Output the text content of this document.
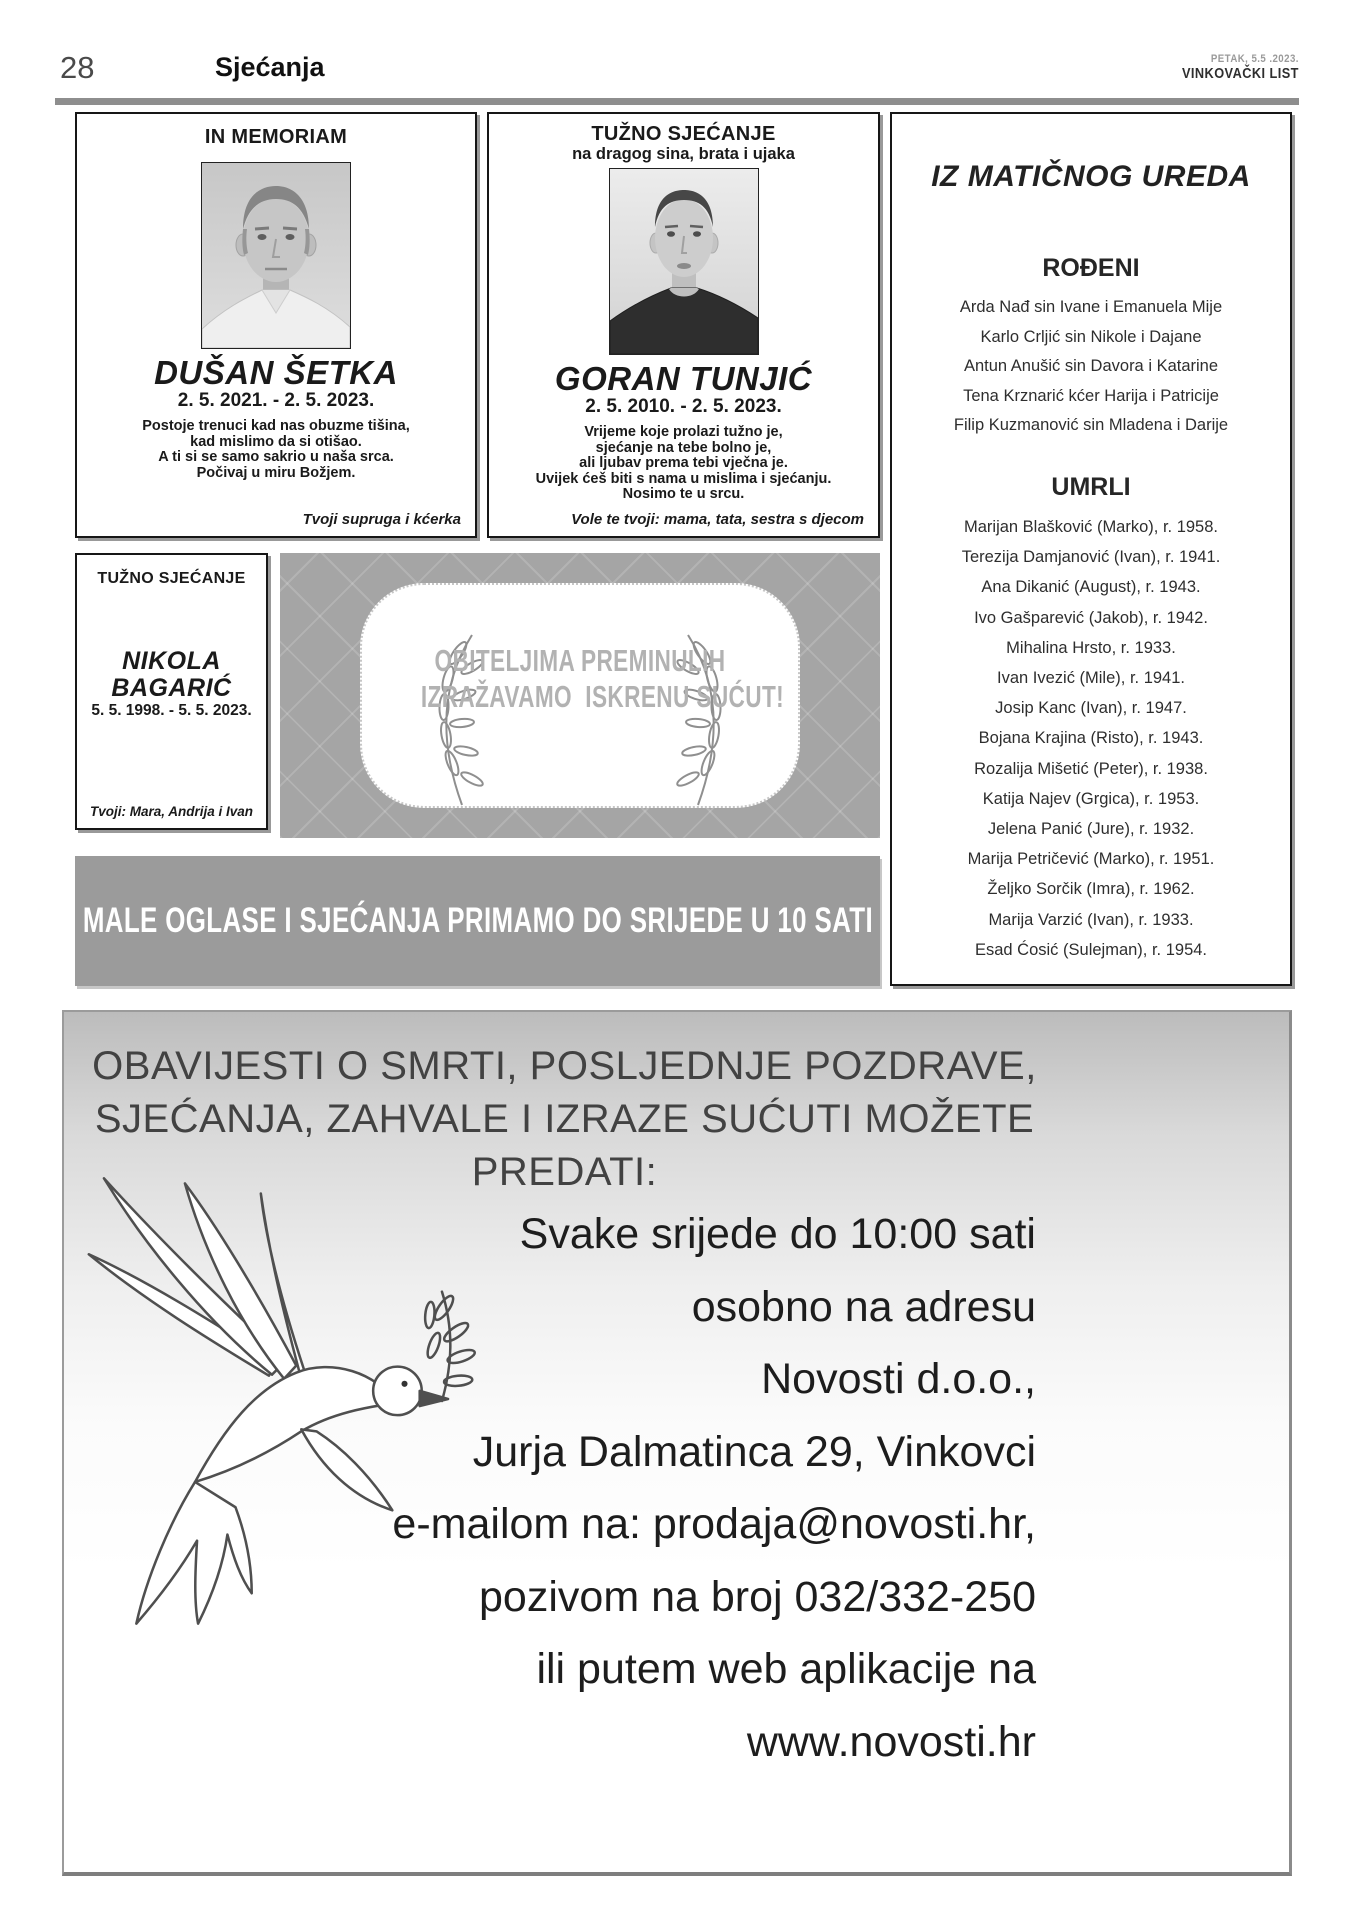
28	Sjećanja	PETAK, 5.5 .2023.
VINKOVAČKI LIST
IN MEMORIAM
DUŠAN ŠETKA
2. 5. 2021. - 2. 5. 2023.
Postoje trenuci kad nas obuzme tišina,
kad mislimo da si otišao.
A ti si se samo sakrio u naša srca.
Počivaj u miru Božjem.
Tvoji supruga i kćerka
TUŽNO SJEĆANJE
na dragog sina, brata i ujaka
GORAN TUNJIĆ
2. 5. 2010. - 2. 5. 2023.
Vrijeme koje prolazi tužno je,
sjećanje na tebe bolno je,
ali ljubav prema tebi vječna je.
Uvijek ćeš biti s nama u mislima i sjećanju.
Nosimo te u srcu.
Vole te tvoji: mama, tata, sestra s djecom
TUŽNO SJEĆANJE
NIKOLA
BAGARIĆ
5. 5. 1998. - 5. 5. 2023.
Tvoji: Mara, Andrija i Ivan
OBITELJIMA PREMINULIH
IZRAŽAVAMO  ISKRENU SUĆUT!
MALE OGLASE I SJEĆANJA PRIMAMO DO SRIJEDE U 10 SATI
IZ MATIČNOG UREDA
ROĐENI
Arda Nađ sin Ivane i Emanuela Mije
Karlo Crljić sin Nikole i Dajane
Antun Anušić sin Davora i Katarine
Tena Krznarić kćer Harija i Patricije
Filip Kuzmanović sin Mladena i Darije
UMRLI
Marijan Blašković (Marko), r. 1958.
Terezija Damjanović (Ivan), r. 1941.
Ana Dikanić (August), r. 1943.
Ivo Gašparević (Jakob), r. 1942.
Mihalina Hrsto, r. 1933.
Ivan Ivezić (Mile), r. 1941.
Josip Kanc (Ivan), r. 1947.
Bojana Krajina (Risto), r. 1943.
Rozalija Mišetić (Peter), r. 1938.
Katija Najev (Grgica), r. 1953.
Jelena Panić (Jure), r. 1932.
Marija Petričević (Marko), r. 1951.
Željko Sorčik (Imra), r. 1962.
Marija Varzić (Ivan), r. 1933.
Esad Ćosić (Sulejman), r. 1954.
OBAVIJESTI O SMRTI, POSLJEDNJE POZDRAVE,
SJEĆANJA, ZAHVALE I IZRAZE SUĆUTI MOŽETE
PREDATI:
Svake srijede do 10:00 sati
osobno na adresu
Novosti d.o.o.,
Jurja Dalmatinca 29, Vinkovci
e-mailom na: prodaja@novosti.hr,
pozivom na broj 032/332-250
ili putem web aplikacije na
www.novosti.hr
